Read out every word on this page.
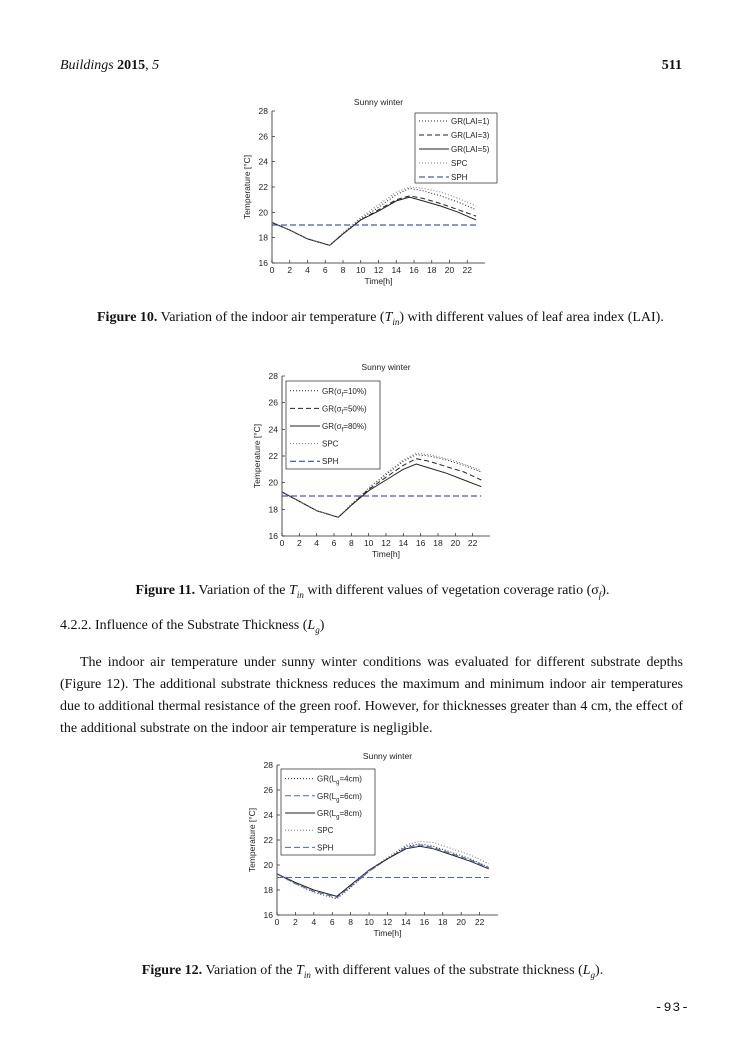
Buildings 2015, 5	511
Sunny winter
16
18
20
22
24
26
28
0 2 4 6 8 10 12 14 16 18 20 22
Time[h]
Temperature [°C]
GR(LAI=1)
GR(LAI=3)
GR(LAI=5)
SPC
SPH
Figure 10. Variation of the indoor air temperature $(T_{in})$ with different values of leaf area index (LAI).
Sunny winter
16
18
20
22
24
26
28
0 2 4 6 8 10 12 14 16 18 20 22
Time[h]
Temperature [°C]
$GR(\sigma_f=10\%)$
$GR(\sigma_f=50\%)$
$GR(\sigma_f=80\%)$
SPC
SPH
Figure 11. Variation of the $T_{in}$ with different values of vegetation coverage ratio $(\sigma_f)$.
4.2.2. Influence of the Substrate Thickness $(L_g)$
The indoor air temperature under sunny winter conditions was evaluated for different substrate depths (Figure 12). The additional substrate thickness reduces the maximum and minimum indoor air temperatures due to additional thermal resistance of the green roof. However, for thicknesses greater than 4 cm, the effect of the additional substrate on the indoor air temperature is negligible.
Sunny winter
16
18
20
22
24
26
28
0 2 4 6 8 10 12 14 16 18 20 22
Time[h]
Temperature [°C]
$GR(L_g=4cm)$
$GR(L_g=6cm)$
$GR(L_g=8cm)$
SPC
SPH
Figure 12. Variation of the $T_{in}$ with different values of the substrate thickness $(L_g)$.
-93-
